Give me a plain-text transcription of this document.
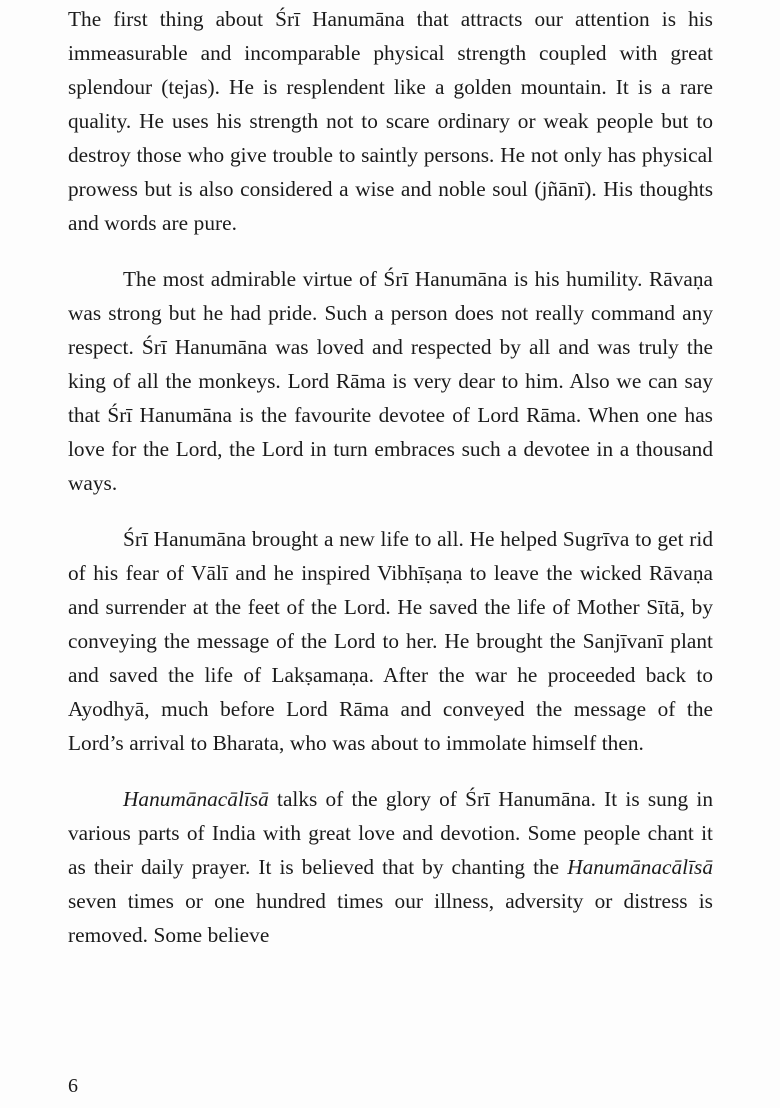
The first thing about Śrī Hanumāna that attracts our attention is his immeasurable and incomparable physical strength coupled with great splendour (tejas). He is resplendent like a golden mountain. It is a rare quality. He uses his strength not to scare ordinary or weak people but to destroy those who give trouble to saintly persons. He not only has physical prowess but is also considered a wise and noble soul (jñānī). His thoughts and words are pure.

The most admirable virtue of Śrī Hanumāna is his humility. Rāvaṇa was strong but he had pride. Such a person does not really command any respect. Śrī Hanumāna was loved and respected by all and was truly the king of all the monkeys. Lord Rāma is very dear to him. Also we can say that Śrī Hanumāna is the favourite devotee of Lord Rāma. When one has love for the Lord, the Lord in turn embraces such a devotee in a thousand ways.

Śrī Hanumāna brought a new life to all. He helped Sugrīva to get rid of his fear of Vālī and he inspired Vibhīṣaṇa to leave the wicked Rāvaṇa and surrender at the feet of the Lord. He saved the life of Mother Sītā, by conveying the message of the Lord to her. He brought the Sanjīvanī plant and saved the life of Lakṣamaṇa. After the war he proceeded back to Ayodhyā, much before Lord Rāma and conveyed the message of the Lord’s arrival to Bharata, who was about to immolate himself then.

Hanumānacālīsā talks of the glory of Śrī Hanumāna. It is sung in various parts of India with great love and devotion. Some people chant it as their daily prayer. It is believed that by chanting the Hanumānacālīsā seven times or one hundred times our illness, adversity or distress is removed. Some believe

6
